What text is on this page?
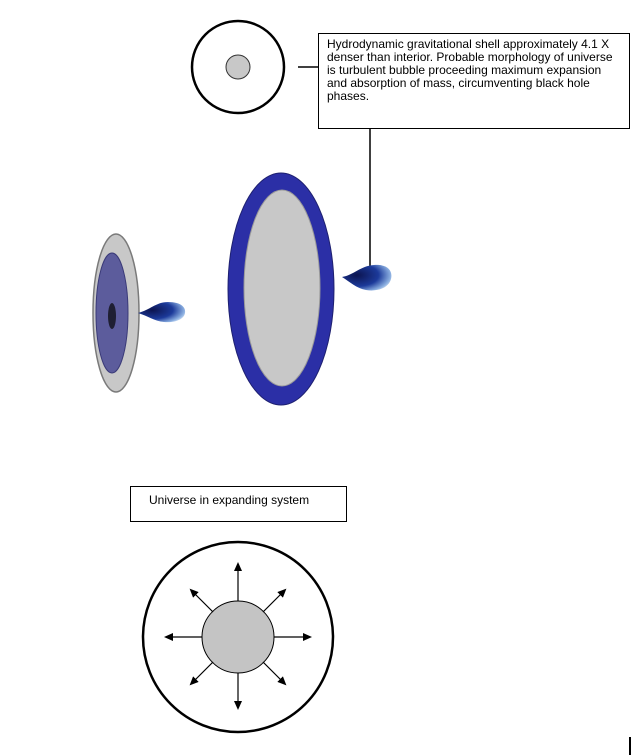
Hydrodynamic gravitational shell approximately 4.1 X denser than interior. Probable morphology of universe is turbulent bubble proceeding maximum expansion and absorption of mass, circumventing black hole phases.
Universe in expanding system
